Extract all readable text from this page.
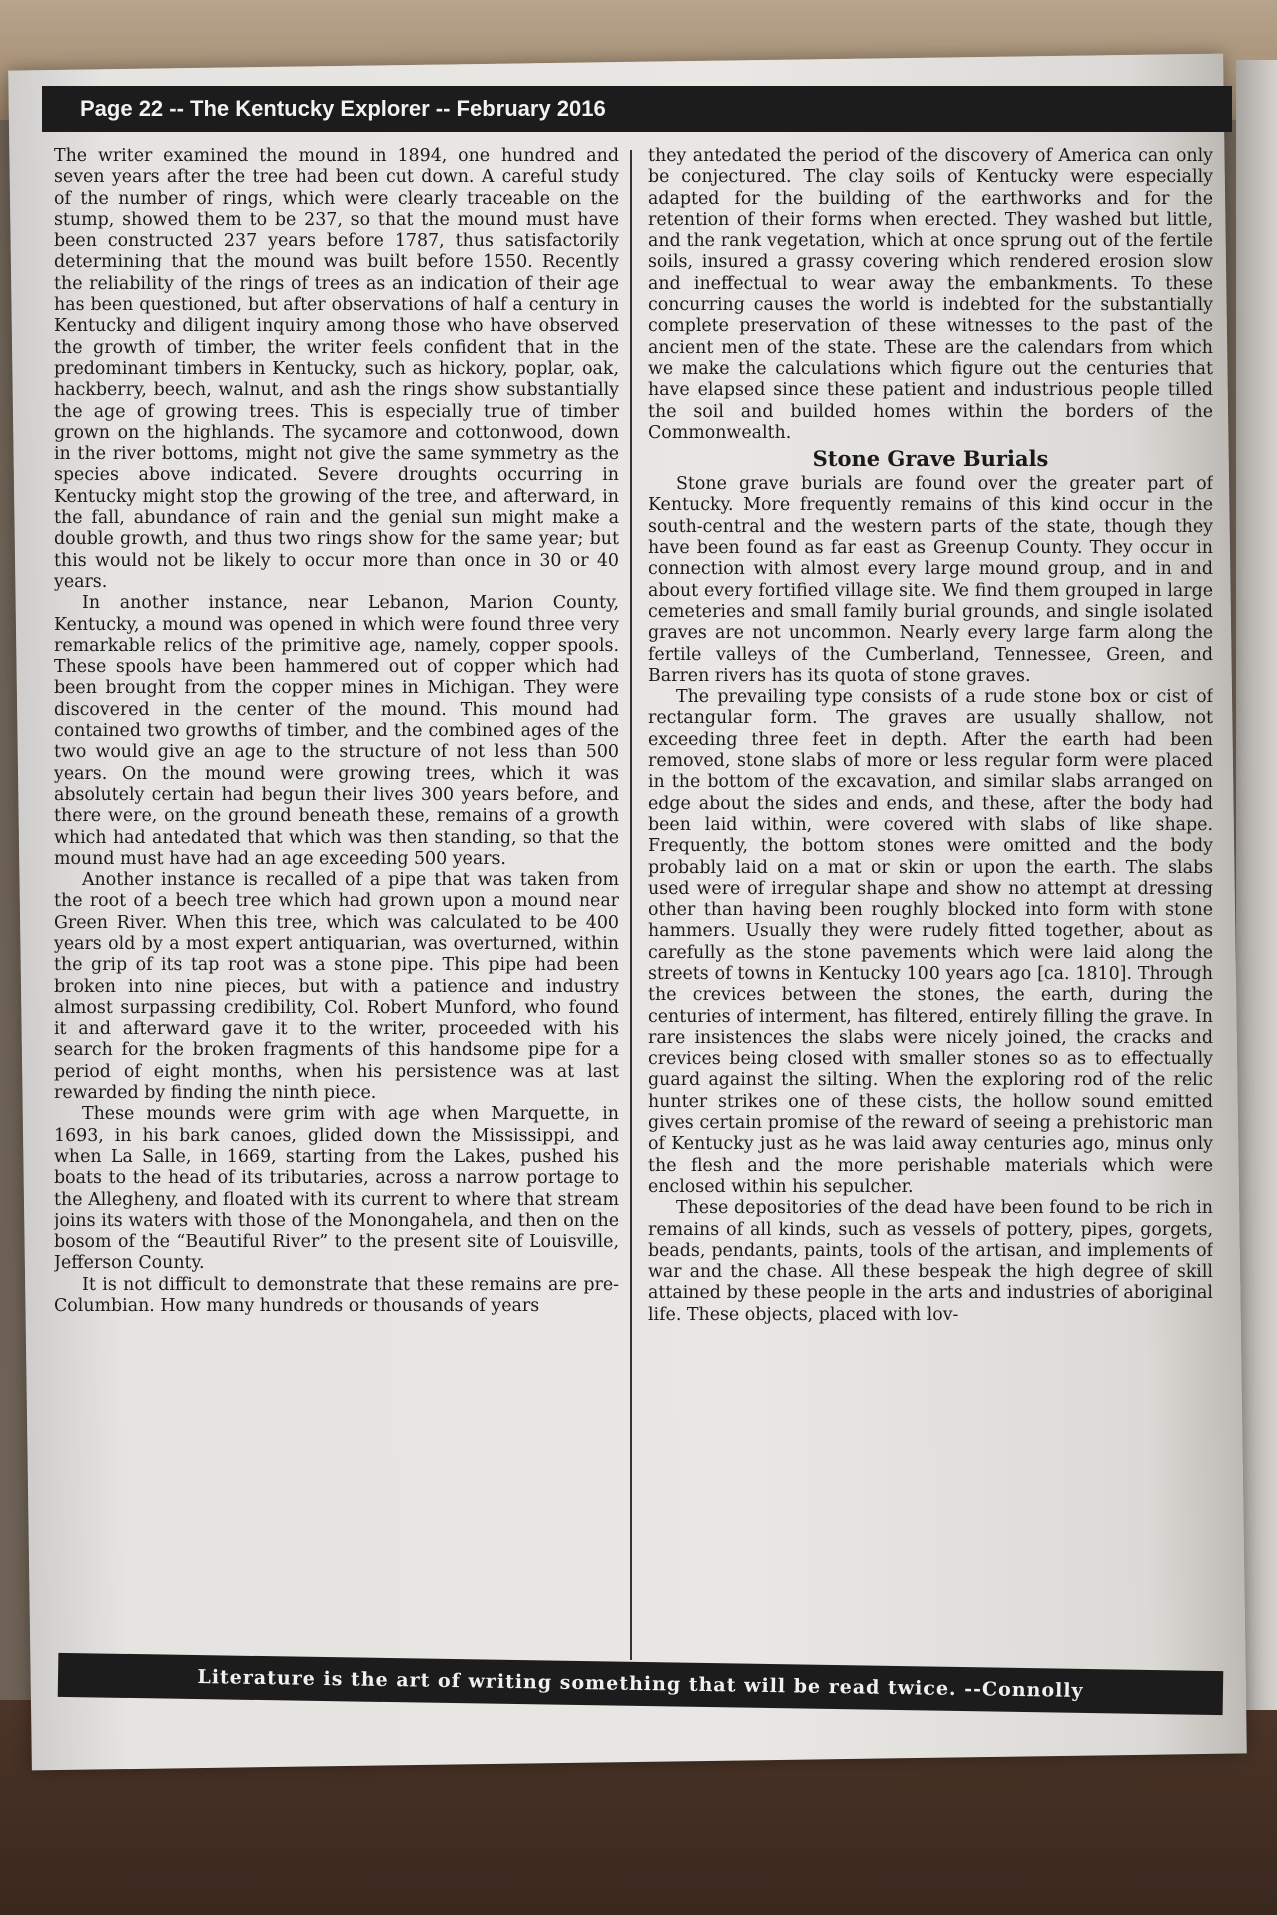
Page 22 -- The Kentucky Explorer -- February 2016

The writer examined the mound in 1894, one hundred and seven years after the tree had been cut down. A careful study of the number of rings, which were clearly traceable on the stump, showed them to be 237, so that the mound must have been constructed 237 years before 1787, thus satisfactorily determining that the mound was built before 1550. Recently the reliability of the rings of trees as an indication of their age has been questioned, but after observations of half a century in Kentucky and diligent inquiry among those who have observed the growth of timber, the writer feels confident that in the predominant timbers in Kentucky, such as hickory, poplar, oak, hackberry, beech, walnut, and ash the rings show substantially the age of growing trees. This is especially true of timber grown on the highlands. The sycamore and cottonwood, down in the river bottoms, might not give the same symmetry as the species above indicated. Severe droughts occurring in Kentucky might stop the growing of the tree, and afterward, in the fall, abundance of rain and the genial sun might make a double growth, and thus two rings show for the same year; but this would not be likely to occur more than once in 30 or 40 years.

In another instance, near Lebanon, Marion County, Kentucky, a mound was opened in which were found three very remarkable relics of the primitive age, namely, copper spools. These spools have been hammered out of copper which had been brought from the copper mines in Michigan. They were discovered in the center of the mound. This mound had contained two growths of timber, and the combined ages of the two would give an age to the structure of not less than 500 years. On the mound were growing trees, which it was absolutely certain had begun their lives 300 years before, and there were, on the ground beneath these, remains of a growth which had antedated that which was then standing, so that the mound must have had an age exceeding 500 years.

Another instance is recalled of a pipe that was taken from the root of a beech tree which had grown upon a mound near Green River. When this tree, which was calculated to be 400 years old by a most expert antiquarian, was overturned, within the grip of its tap root was a stone pipe. This pipe had been broken into nine pieces, but with a patience and industry almost surpassing credibility, Col. Robert Munford, who found it and afterward gave it to the writer, proceeded with his search for the broken fragments of this handsome pipe for a period of eight months, when his persistence was at last rewarded by finding the ninth piece.

These mounds were grim with age when Marquette, in 1693, in his bark canoes, glided down the Mississippi, and when La Salle, in 1669, starting from the Lakes, pushed his boats to the head of its tributaries, across a narrow portage to the Allegheny, and floated with its current to where that stream joins its waters with those of the Monongahela, and then on the bosom of the “Beautiful River” to the present site of Louisville, Jefferson County.

It is not difficult to demonstrate that these remains are pre-Columbian. How many hundreds or thousands of years

they antedated the period of the discovery of America can only be conjectured. The clay soils of Kentucky were especially adapted for the building of the earthworks and for the retention of their forms when erected. They washed but little, and the rank vegetation, which at once sprung out of the fertile soils, insured a grassy covering which rendered erosion slow and ineffectual to wear away the embankments. To these concurring causes the world is indebted for the substantially complete preservation of these witnesses to the past of the ancient men of the state. These are the calendars from which we make the calculations which figure out the centuries that have elapsed since these patient and industrious people tilled the soil and builded homes within the borders of the Commonwealth.

Stone Grave Burials

Stone grave burials are found over the greater part of Kentucky. More frequently remains of this kind occur in the south-central and the western parts of the state, though they have been found as far east as Greenup County. They occur in connection with almost every large mound group, and in and about every fortified village site. We find them grouped in large cemeteries and small family burial grounds, and single isolated graves are not uncommon. Nearly every large farm along the fertile valleys of the Cumberland, Tennessee, Green, and Barren rivers has its quota of stone graves.

The prevailing type consists of a rude stone box or cist of rectangular form. The graves are usually shallow, not exceeding three feet in depth. After the earth had been removed, stone slabs of more or less regular form were placed in the bottom of the excavation, and similar slabs arranged on edge about the sides and ends, and these, after the body had been laid within, were covered with slabs of like shape. Frequently, the bottom stones were omitted and the body probably laid on a mat or skin or upon the earth. The slabs used were of irregular shape and show no attempt at dressing other than having been roughly blocked into form with stone hammers. Usually they were rudely fitted together, about as carefully as the stone pavements which were laid along the streets of towns in Kentucky 100 years ago [ca. 1810]. Through the crevices between the stones, the earth, during the centuries of interment, has filtered, entirely filling the grave. In rare insistences the slabs were nicely joined, the cracks and crevices being closed with smaller stones so as to effectually guard against the silting. When the exploring rod of the relic hunter strikes one of these cists, the hollow sound emitted gives certain promise of the reward of seeing a prehistoric man of Kentucky just as he was laid away centuries ago, minus only the flesh and the more perishable materials which were enclosed within his sepulcher.

These depositories of the dead have been found to be rich in remains of all kinds, such as vessels of pottery, pipes, gorgets, beads, pendants, paints, tools of the artisan, and implements of war and the chase. All these bespeak the high degree of skill attained by these people in the arts and industries of aboriginal life. These objects, placed with lov-

Literature is the art of writing something that will be read twice. --Connolly
